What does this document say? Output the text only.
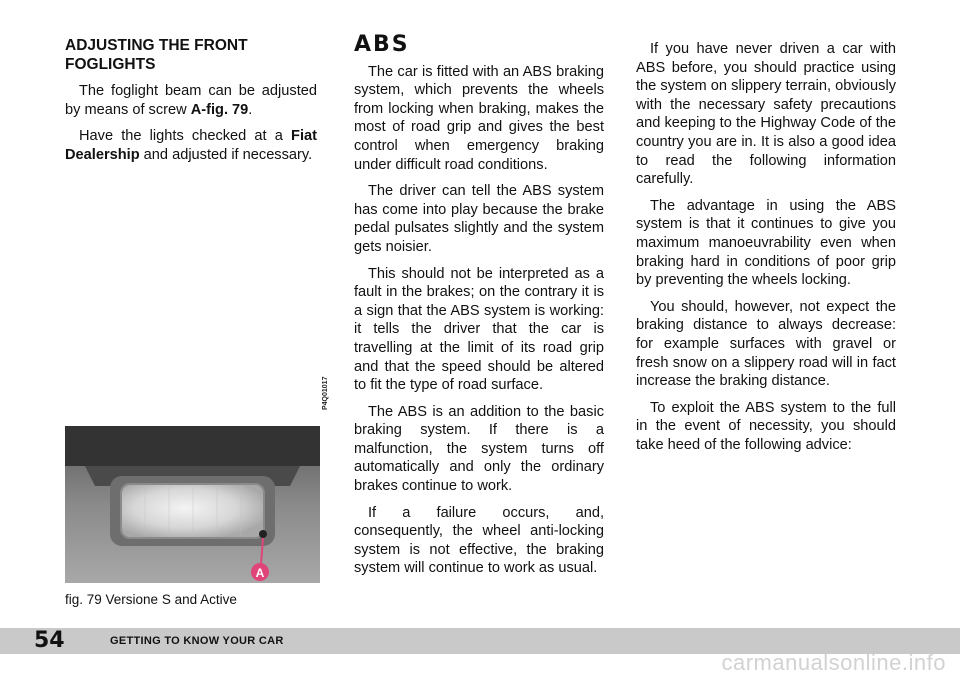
ADJUSTING THE FRONT FOGLIGHTS

The foglight beam can be adjusted by means of screw A-fig. 79.

Have the lights checked at a Fiat Dealership and adjusted if necessary.

A
P4Q01017
fig. 79 Versione S and Active

ABS

The car is fitted with an ABS braking system, which prevents the wheels from locking when braking, makes the most of road grip and gives the best control when emergency braking under difficult road conditions.

The driver can tell the ABS system has come into play because the brake pedal pulsates slightly and the system gets noisier.

This should not be interpreted as a fault in the brakes; on the contrary it is a sign that the ABS system is working: it tells the driver that the car is travelling at the limit of its road grip and that the speed should be altered to fit the type of road surface.

The ABS is an addition to the basic braking system. If there is a malfunction, the system turns off automatically and only the ordinary brakes continue to work.

If a failure occurs, and, consequently, the wheel anti-locking system is not effective, the braking system will continue to work as usual.

If you have never driven a car with ABS before, you should practice using the system on slippery terrain, obviously with the necessary safety precautions and keeping to the Highway Code of the country you are in. It is also a good idea to read the following information carefully.

The advantage in using the ABS system is that it continues to give you maximum manoeuvrability even when braking hard in conditions of poor grip by preventing the wheels locking.

You should, however, not expect the braking distance to always decrease: for example surfaces with gravel or fresh snow on a slippery road will in fact increase the braking distance.

To exploit the ABS system to the full in the event of necessity, you should take heed of the following advice:

54	GETTING TO KNOW YOUR CAR
carmanualsonline.info
